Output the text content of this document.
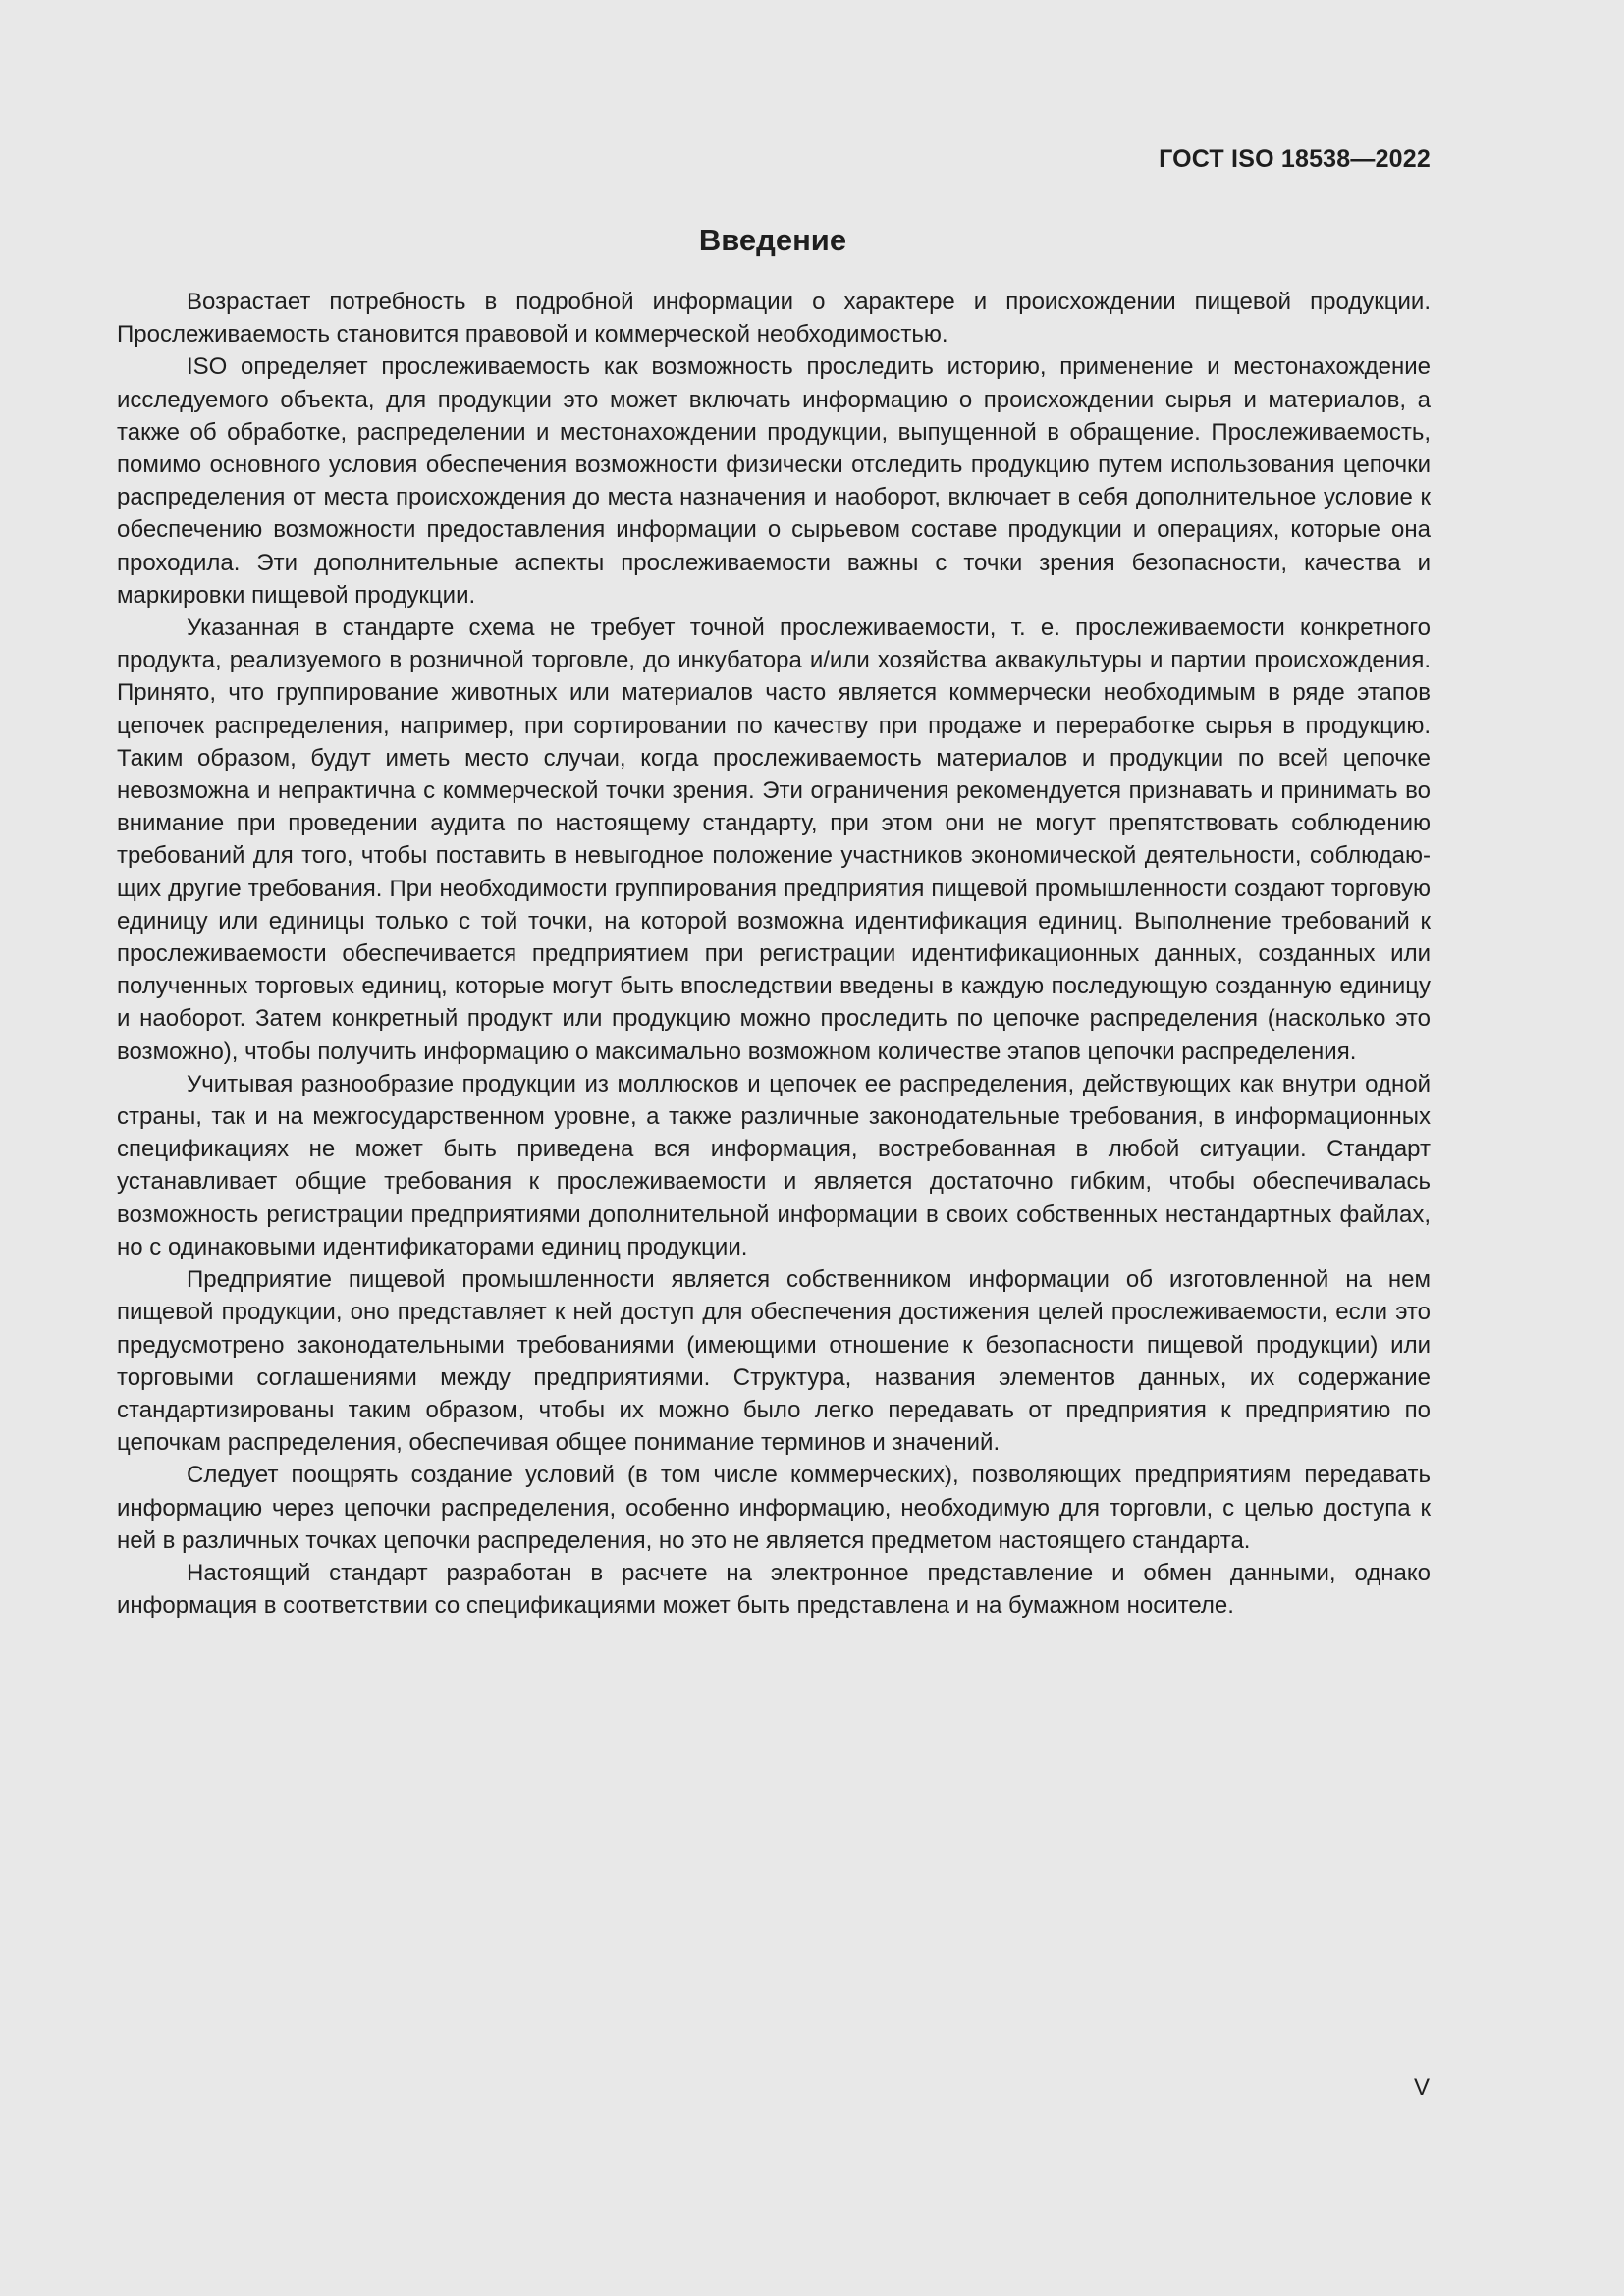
ГОСТ ISO 18538—2022
Введение

Возрастает потребность в подробной информации о характере и происхождении пищевой продукции. Прослеживаемость становится правовой и коммерческой необходимостью.

ISO определяет прослеживаемость как возможность проследить историю, применение и местонахождение исследуемого объекта, для продукции это может включать информацию о происхождении сырья и материалов, а также об обработке, распределении и местонахождении продукции, выпущенной в обращение. Прослеживаемость, помимо основного условия обеспечения возможности физически отследить продукцию путем использования цепочки распределения от места происхождения до места назначения и наоборот, включает в себя дополнительное условие к обеспечению возможности предоставления информации о сырьевом составе продукции и операциях, которые она проходила. Эти дополнительные аспекты прослеживаемости важны с точки зрения безопасности, качества и маркировки пищевой продукции.

Указанная в стандарте схема не требует точной прослеживаемости, т. е. прослеживаемости конкретного продукта, реализуемого в розничной торговле, до инкубатора и/или хозяйства аквакультуры и партии происхождения. Принято, что группирование животных или материалов часто является коммерчески необходимым в ряде этапов цепочек распределения, например, при сортировании по качеству при продаже и переработке сырья в продукцию. Таким образом, будут иметь место случаи, когда прослеживаемость материалов и продукции по всей цепочке невозможна и непрактична с коммерческой точки зрения. Эти ограничения рекомендуется признавать и принимать во внимание при проведении аудита по настоящему стандарту, при этом они не могут препятствовать соблюдению требований для того, чтобы поставить в невыгодное положение участников экономической деятельности, соблюдающих другие требования. При необходимости группирования предприятия пищевой промышленности создают торговую единицу или единицы только с той точки, на которой возможна идентификация единиц. Выполнение требований к прослеживаемости обеспечивается предприятием при регистрации идентификационных данных, созданных или полученных торговых единиц, которые могут быть впоследствии введены в каждую последующую созданную единицу и наоборот. Затем конкретный продукт или продукцию можно проследить по цепочке распределения (насколько это возможно), чтобы получить информацию о максимально возможном количестве этапов цепочки распределения.

Учитывая разнообразие продукции из моллюсков и цепочек ее распределения, действующих как внутри одной страны, так и на межгосударственном уровне, а также различные законодательные требования, в информационных спецификациях не может быть приведена вся информация, востребованная в любой ситуации. Стандарт устанавливает общие требования к прослеживаемости и является достаточно гибким, чтобы обеспечивалась возможность регистрации предприятиями дополнительной информации в своих собственных нестандартных файлах, но с одинаковыми идентификаторами единиц продукции.

Предприятие пищевой промышленности является собственником информации об изготовленной на нем пищевой продукции, оно представляет к ней доступ для обеспечения достижения целей прослеживаемости, если это предусмотрено законодательными требованиями (имеющими отношение к безопасности пищевой продукции) или торговыми соглашениями между предприятиями. Структура, названия элементов данных, их содержание стандартизированы таким образом, чтобы их можно было легко передавать от предприятия к предприятию по цепочкам распределения, обеспечивая общее понимание терминов и значений.

Следует поощрять создание условий (в том числе коммерческих), позволяющих предприятиям передавать информацию через цепочки распределения, особенно информацию, необходимую для торговли, с целью доступа к ней в различных точках цепочки распределения, но это не является предметом настоящего стандарта.

Настоящий стандарт разработан в расчете на электронное представление и обмен данными, однако информация в соответствии со спецификациями может быть представлена и на бумажном носителе.

V
